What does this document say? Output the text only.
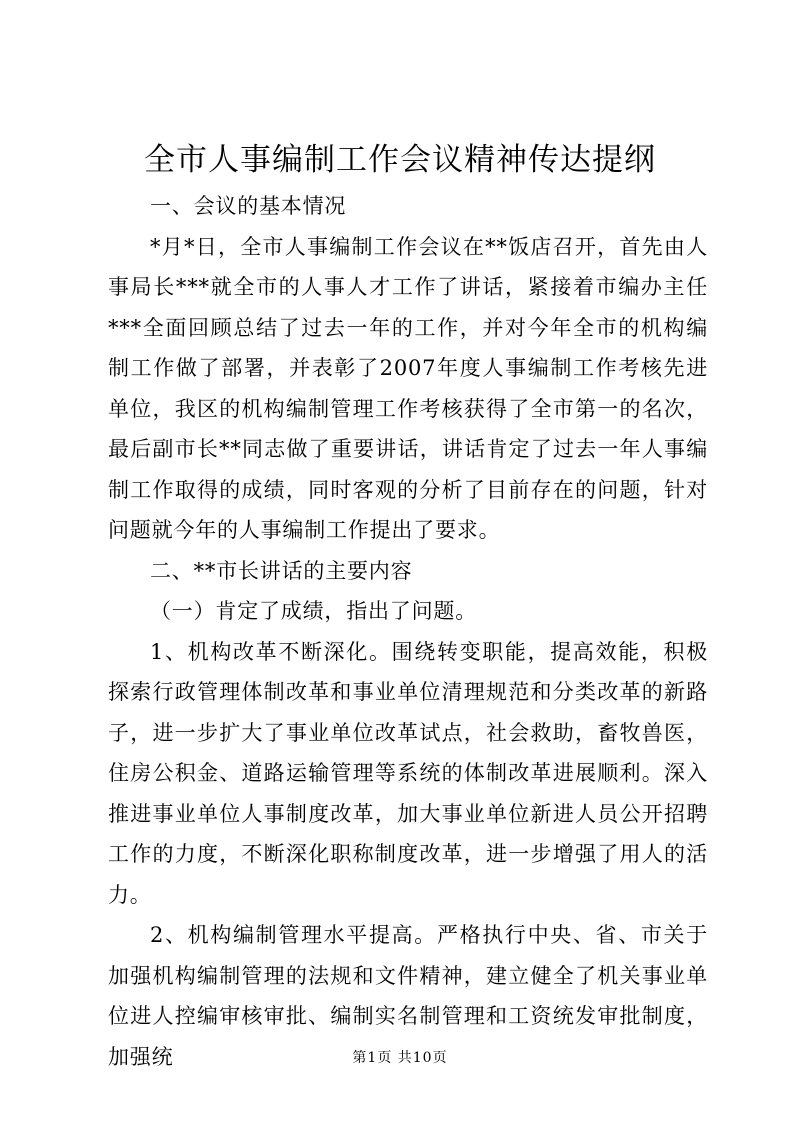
全市人事编制工作会议精神传达提纲

一、会议的基本情况

*月*日，全市人事编制工作会议在**饭店召开，首先由人事局长***就全市的人事人才工作了讲话，紧接着市编办主任***全面回顾总结了过去一年的工作，并对今年全市的机构编制工作做了部署，并表彰了2007年度人事编制工作考核先进单位，我区的机构编制管理工作考核获得了全市第一的名次，最后副市长**同志做了重要讲话，讲话肯定了过去一年人事编制工作取得的成绩，同时客观的分析了目前存在的问题，针对问题就今年的人事编制工作提出了要求。

二、**市长讲话的主要内容

（一）肯定了成绩，指出了问题。

1、机构改革不断深化。围绕转变职能，提高效能，积极探索行政管理体制改革和事业单位清理规范和分类改革的新路子，进一步扩大了事业单位改革试点，社会救助，畜牧兽医，住房公积金、道路运输管理等系统的体制改革进展顺利。深入推进事业单位人事制度改革，加大事业单位新进人员公开招聘工作的力度，不断深化职称制度改革，进一步增强了用人的活力。

2、机构编制管理水平提高。严格执行中央、省、市关于加强机构编制管理的法规和文件精神，建立健全了机关事业单位进人控编审核审批、编制实名制管理和工资统发审批制度，加强统	第1页 共10页
